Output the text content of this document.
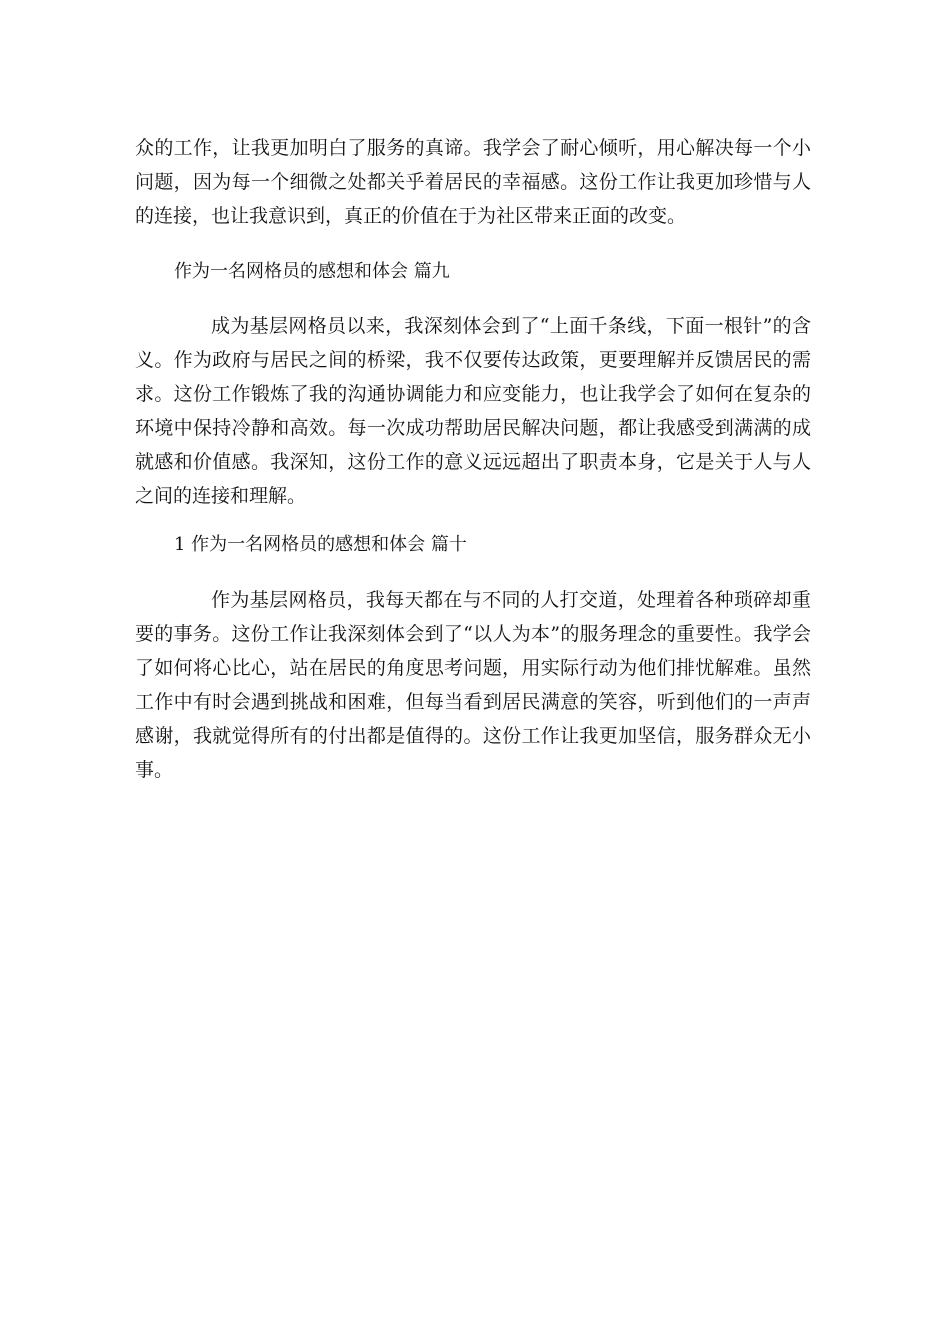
众的工作，让我更加明白了服务的真谛。我学会了耐心倾听，用心解决每一个小问题，因为每一个细微之处都关乎着居民的幸福感。这份工作让我更加珍惜与人的连接，也让我意识到，真正的价值在于为社区带来正面的改变。

作为一名网格员的感想和体会 篇九

成为基层网格员以来，我深刻体会到了“上面千条线，下面一根针”的含义。作为政府与居民之间的桥梁，我不仅要传达政策，更要理解并反馈居民的需求。这份工作锻炼了我的沟通协调能力和应变能力，也让我学会了如何在复杂的环境中保持冷静和高效。每一次成功帮助居民解决问题，都让我感受到满满的成就感和价值感。我深知，这份工作的意义远远超出了职责本身，它是关于人与人之间的连接和理解。

1 作为一名网格员的感想和体会 篇十

作为基层网格员，我每天都在与不同的人打交道，处理着各种琐碎却重要的事务。这份工作让我深刻体会到了“以人为本”的服务理念的重要性。我学会了如何将心比心，站在居民的角度思考问题，用实际行动为他们排忧解难。虽然工作中有时会遇到挑战和困难，但每当看到居民满意的笑容，听到他们的一声声感谢，我就觉得所有的付出都是值得的。这份工作让我更加坚信，服务群众无小事。
